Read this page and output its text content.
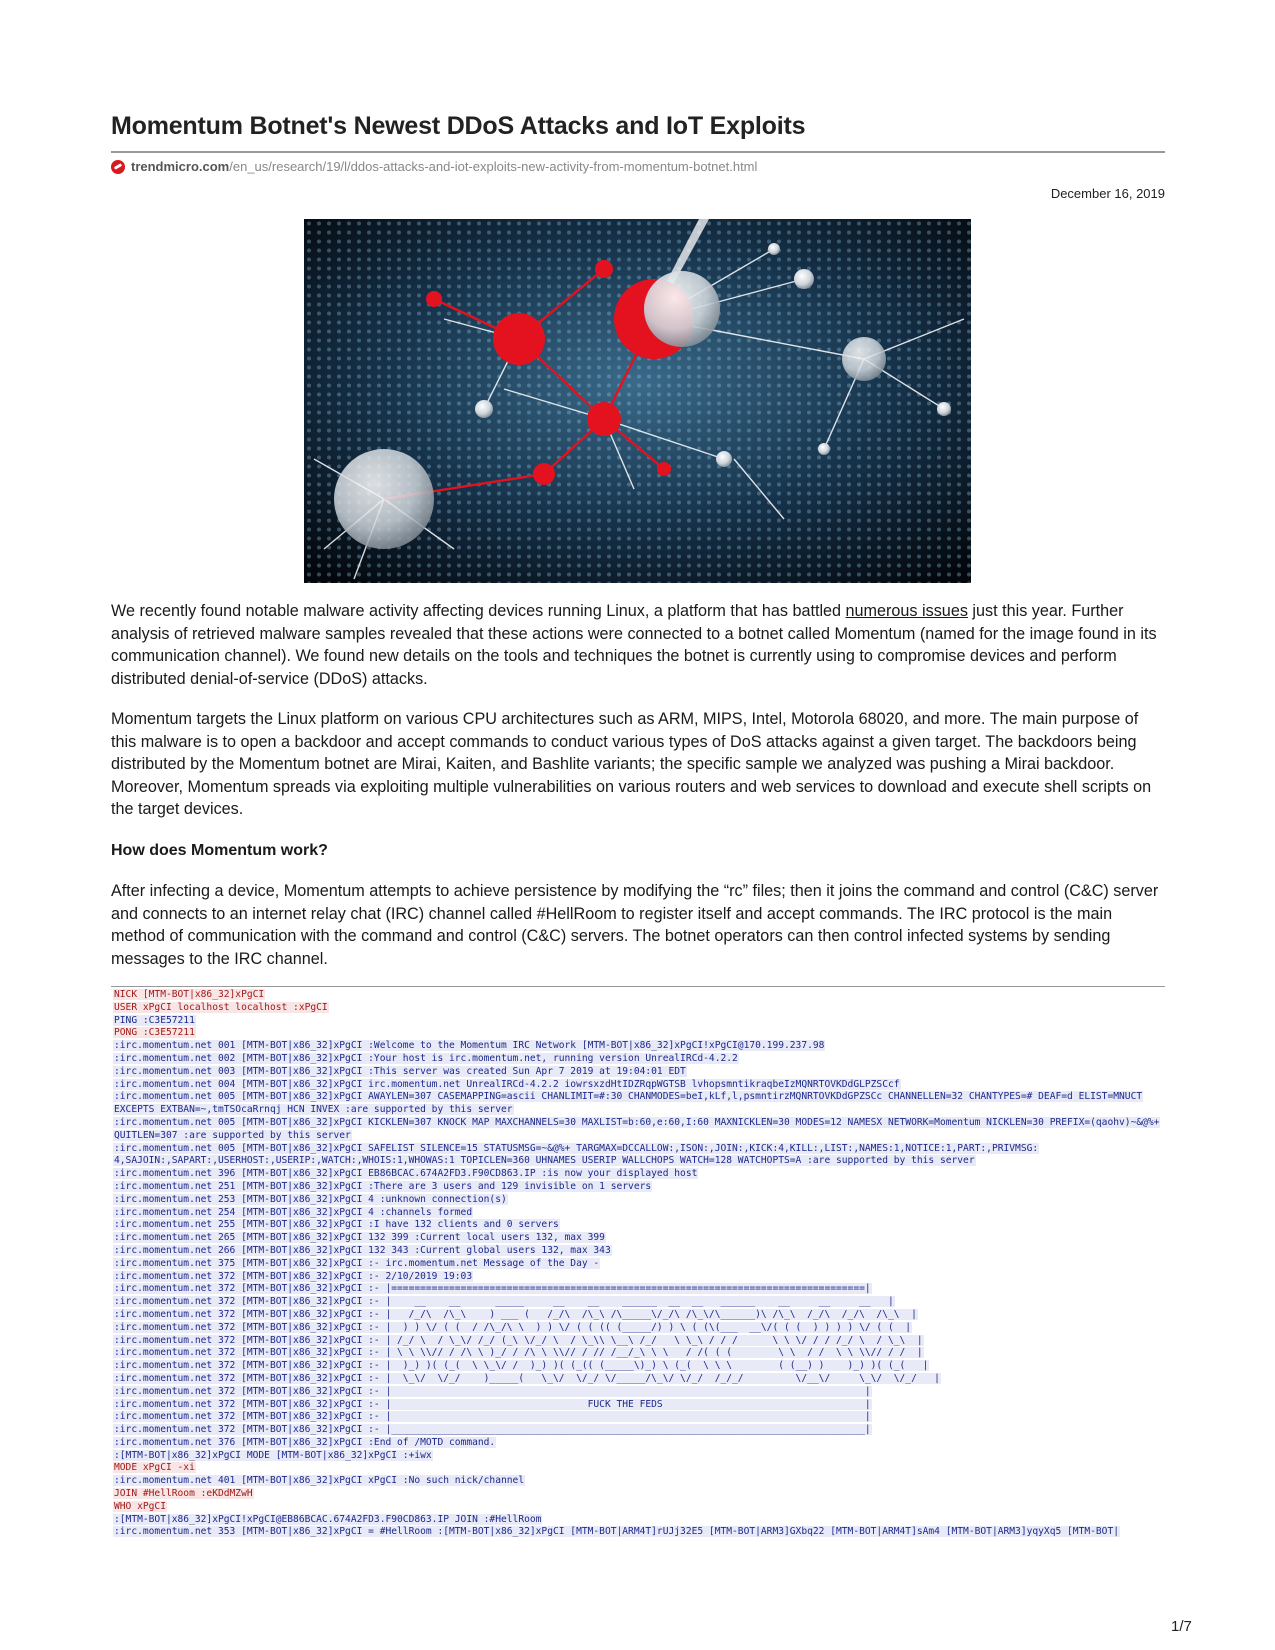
Momentum Botnet's Newest DDoS Attacks and IoT Exploits
trendmicro.com /en_us/research/19/l/ddos-attacks-and-iot-exploits-new-activity-from-momentum-botnet.html
December 16, 2019

We recently found notable malware activity affecting devices running Linux, a platform that has battled numerous issues just this year. Further analysis of retrieved malware samples revealed that these actions were connected to a botnet called Momentum (named for the image found in its communication channel). We found new details on the tools and techniques the botnet is currently using to compromise devices and perform distributed denial-of-service (DDoS) attacks.

Momentum targets the Linux platform on various CPU architectures such as ARM, MIPS, Intel, Motorola 68020, and more. The main purpose of this malware is to open a backdoor and accept commands to conduct various types of DoS attacks against a given target. The backdoors being distributed by the Momentum botnet are Mirai, Kaiten, and Bashlite variants; the specific sample we analyzed was pushing a Mirai backdoor. Moreover, Momentum spreads via exploiting multiple vulnerabilities on various routers and web services to download and execute shell scripts on the target devices.

How does Momentum work?

After infecting a device, Momentum attempts to achieve persistence by modifying the “rc” files; then it joins the command and control (C&C) server and connects to an internet relay chat (IRC) channel called #HellRoom to register itself and accept commands. The IRC protocol is the main method of communication with the command and control (C&C) servers. The botnet operators can then control infected systems by sending messages to the IRC channel.

NICK [MTM-BOT|x86_32]xPgCI
USER xPgCI localhost localhost :xPgCI
PING :C3E57211
PONG :C3E57211
:irc.momentum.net 001 [MTM-BOT|x86_32]xPgCI :Welcome to the Momentum IRC Network [MTM-BOT|x86_32]xPgCI!xPgCI@170.199.237.98
:irc.momentum.net 002 [MTM-BOT|x86_32]xPgCI :Your host is irc.momentum.net, running version UnrealIRCd-4.2.2
:irc.momentum.net 003 [MTM-BOT|x86_32]xPgCI :This server was created Sun Apr 7 2019 at 19:04:01 EDT
:irc.momentum.net 004 [MTM-BOT|x86_32]xPgCI irc.momentum.net UnrealIRCd-4.2.2 iowrsxzdHtIDZRqpWGTSB lvhopsmntikraqbeIzMQNRTOVKDdGLPZSCcf
:irc.momentum.net 005 [MTM-BOT|x86_32]xPgCI AWAYLEN=307 CASEMAPPING=ascii CHANLIMIT=#:30 CHANMODES=beI,kLf,l,psmntirzMQNRTOVKDdGPZSCc CHANNELLEN=32 CHANTYPES=# DEAF=d ELIST=MNUCT
EXCEPTS EXTBAN=~,tmTSOcaRrnqj HCN INVEX :are supported by this server
:irc.momentum.net 005 [MTM-BOT|x86_32]xPgCI KICKLEN=307 KNOCK MAP MAXCHANNELS=30 MAXLIST=b:60,e:60,I:60 MAXNICKLEN=30 MODES=12 NAMESX NETWORK=Momentum NICKLEN=30 PREFIX=(qaohv)~&@%+
QUITLEN=307 :are supported by this server
:irc.momentum.net 005 [MTM-BOT|x86_32]xPgCI SAFELIST SILENCE=15 STATUSMSG=~&@%+ TARGMAX=DCCALLOW:,ISON:,JOIN:,KICK:4,KILL:,LIST:,NAMES:1,NOTICE:1,PART:,PRIVMSG:
4,SAJOIN:,SAPART:,USERHOST:,USERIP:,WATCH:,WHOIS:1,WHOWAS:1 TOPICLEN=360 UHNAMES USERIP WALLCHOPS WATCH=128 WATCHOPTS=A :are supported by this server
:irc.momentum.net 396 [MTM-BOT|x86_32]xPgCI EB86BCAC.674A2FD3.F90CD863.IP :is now your displayed host
:irc.momentum.net 251 [MTM-BOT|x86_32]xPgCI :There are 3 users and 129 invisible on 1 servers
:irc.momentum.net 253 [MTM-BOT|x86_32]xPgCI 4 :unknown connection(s)
:irc.momentum.net 254 [MTM-BOT|x86_32]xPgCI 4 :channels formed
:irc.momentum.net 255 [MTM-BOT|x86_32]xPgCI :I have 132 clients and 0 servers
:irc.momentum.net 265 [MTM-BOT|x86_32]xPgCI 132 399 :Current local users 132, max 399
:irc.momentum.net 266 [MTM-BOT|x86_32]xPgCI 132 343 :Current global users 132, max 343
:irc.momentum.net 375 [MTM-BOT|x86_32]xPgCI :- irc.momentum.net Message of the Day -
:irc.momentum.net 372 [MTM-BOT|x86_32]xPgCI :- 2/10/2019 19:03
:irc.momentum.net 372 [MTM-BOT|x86_32]xPgCI :- |==================================================================================|
:irc.momentum.net 372 [MTM-BOT|x86_32]xPgCI :- |    __    __      _____     __    __    ______  __  __   ______    __     __     __   |
:irc.momentum.net 372 [MTM-BOT|x86_32]xPgCI :- |   /_/\  /\_\    ) ___ (   /_/\  /\_\ /\_____\/_/\ /\_\/\______)\ /\_\  /_/\  /_/\  /\_\  |
:irc.momentum.net 372 [MTM-BOT|x86_32]xPgCI :- |  ) ) \/ ( (  / /\_/\ \  ) ) \/ ( ( (( (_____/) ) \ ( (\(___  __\/( ( (  ) ) ) ) \/ ( (  |
:irc.momentum.net 372 [MTM-BOT|x86_32]xPgCI :- | /_/ \  / \_\/ /_/ (_\ \/_/ \  / \_\\ \__\ /_/   \ \_\ / / /      \ \ \/ / / /_/ \  / \_\  |
:irc.momentum.net 372 [MTM-BOT|x86_32]xPgCI :- | \ \ \\// / /\ \ )_/ / /\ \ \\// / // /__/_\ \ \   / /( ( (        \ \  / /  \ \ \\// / /  |
:irc.momentum.net 372 [MTM-BOT|x86_32]xPgCI :- |  )_) )( (_(  \ \_\/ /  )_) )( (_(( (_____\)_) \ (_(  \ \ \        ( (__) )    )_) )( (_(   |
:irc.momentum.net 372 [MTM-BOT|x86_32]xPgCI :- |  \_\/  \/_/    )_____(   \_\/  \/_/ \/_____/\_\/ \/_/  /_/_/         \/__\/     \_\/  \/_/   |
:irc.momentum.net 372 [MTM-BOT|x86_32]xPgCI :- |                                                                                  |
:irc.momentum.net 372 [MTM-BOT|x86_32]xPgCI :- |                                  FUCK THE FEDS                                   |
:irc.momentum.net 372 [MTM-BOT|x86_32]xPgCI :- |                                                                                  |
:irc.momentum.net 372 [MTM-BOT|x86_32]xPgCI :- |__________________________________________________________________________________|
:irc.momentum.net 376 [MTM-BOT|x86_32]xPgCI :End of /MOTD command.
:[MTM-BOT|x86_32]xPgCI MODE [MTM-BOT|x86_32]xPgCI :+iwx
MODE xPgCI -xi
:irc.momentum.net 401 [MTM-BOT|x86_32]xPgCI xPgCI :No such nick/channel
JOIN #HellRoom :eKDdMZwH
WHO xPgCI
:[MTM-BOT|x86_32]xPgCI!xPgCI@EB86BCAC.674A2FD3.F90CD863.IP JOIN :#HellRoom
:irc.momentum.net 353 [MTM-BOT|x86_32]xPgCI = #HellRoom :[MTM-BOT|x86_32]xPgCI [MTM-BOT|ARM4T]rUJj32E5 [MTM-BOT|ARM3]GXbq22 [MTM-BOT|ARM4T]sAm4 [MTM-BOT|ARM3]yqyXq5 [MTM-BOT|
1/7
